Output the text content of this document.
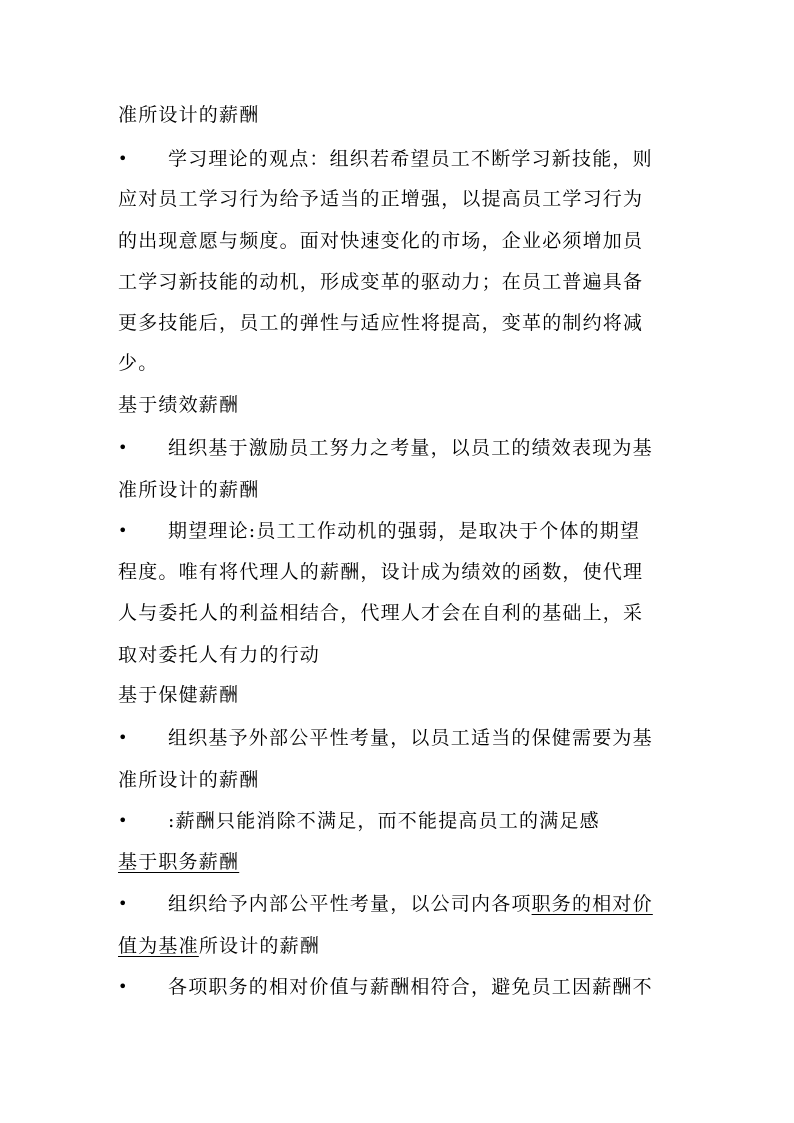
准所设计的薪酬
•	学习理论的观点：组织若希望员工不断学习新技能，则
应对员工学习行为给予适当的正增强，以提高员工学习行为
的出现意愿与频度。面对快速变化的市场，企业必须增加员
工学习新技能的动机，形成变革的驱动力；在员工普遍具备
更多技能后，员工的弹性与适应性将提高，变革的制约将减
少。
基于绩效薪酬
•	组织基于激励员工努力之考量，以员工的绩效表现为基
准所设计的薪酬
•	期望理论:员工工作动机的强弱，是取决于个体的期望
程度。唯有将代理人的薪酬，设计成为绩效的函数，使代理
人与委托人的利益相结合，代理人才会在自利的基础上，采
取对委托人有力的行动
基于保健薪酬
•	组织基予外部公平性考量，以员工适当的保健需要为基
准所设计的薪酬
•	:薪酬只能消除不满足，而不能提高员工的满足感
基于职务薪酬
•	组织给予内部公平性考量，以公司内各项职务的相对价
值为基准所设计的薪酬
•	各项职务的相对价值与薪酬相符合，避免员工因薪酬不
